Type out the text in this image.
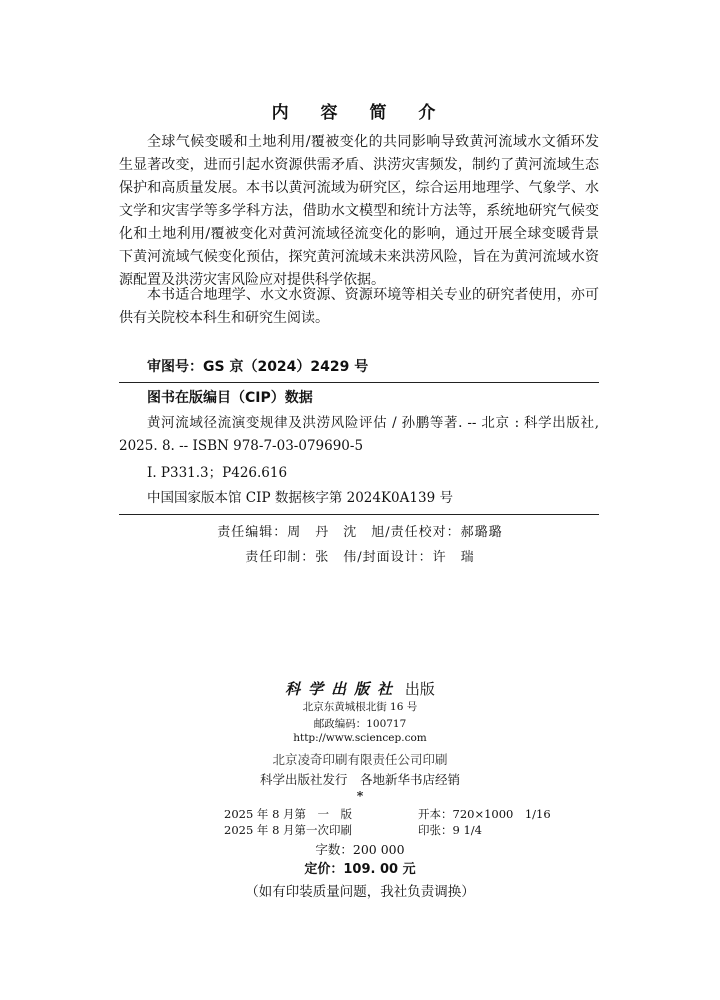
内 容 简 介

全球气候变暖和土地利用/覆被变化的共同影响导致黄河流域水文循环发生显著改变，进而引起水资源供需矛盾、洪涝灾害频发，制约了黄河流域生态保护和高质量发展。本书以黄河流域为研究区，综合运用地理学、气象学、水文学和灾害学等多学科方法，借助水文模型和统计方法等，系统地研究气候变化和土地利用/覆被变化对黄河流域径流变化的影响，通过开展全球变暖背景下黄河流域气候变化预估，探究黄河流域未来洪涝风险，旨在为黄河流域水资源配置及洪涝灾害风险应对提供科学依据。

本书适合地理学、水文水资源、资源环境等相关专业的研究者使用，亦可供有关院校本科生和研究生阅读。

审图号：GS 京（2024）2429 号
图书在版编目（CIP）数据
黄河流域径流演变规律及洪涝风险评估 / 孙鹏等著. -- 北京 : 科学出版社, 2025. 8. -- ISBN 978-7-03-079690-5
Ⅰ. P331.3；P426.616
中国国家版本馆 CIP 数据核字第 2024K0A139 号
责任编辑：周　丹　沈　旭/责任校对：郝璐璐
责任印制：张　伟/封面设计：许　瑞
科学出版社 出版
北京东黄城根北街 16 号
邮政编码：100717
http://www.sciencep.com
北京凌奇印刷有限责任公司印刷
科学出版社发行　各地新华书店经销
*
2025 年 8 月第　一　版	开本：720×1000　1/16
2025 年 8 月第一次印刷	印张：9 1/4
字数：200 000
定价：109. 00 元
（如有印装质量问题，我社负责调换）
